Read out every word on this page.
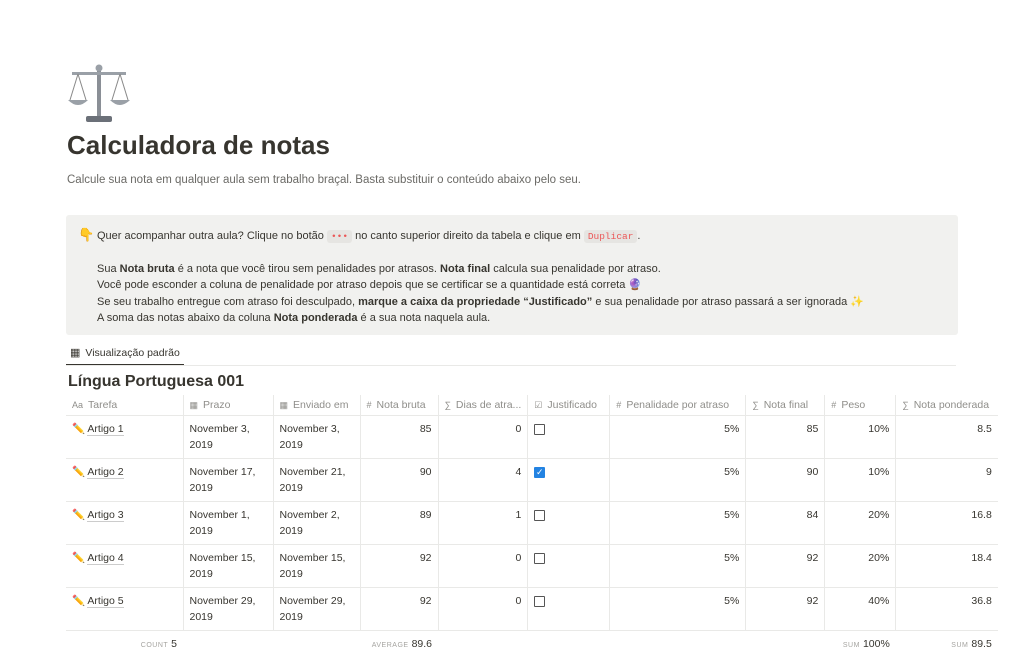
Calculadora de notas
Calcule sua nota em qualquer aula sem trabalho braçal. Basta substituir o conteúdo abaixo pelo seu.
👇 Quer acompanhar outra aula? Clique no botão ••• no canto superior direito da tabela e clique em Duplicar .
Sua Nota bruta é a nota que você tirou sem penalidades por atrasos. Nota final calcula sua penalidade por atraso.
Você pode esconder a coluna de penalidade por atraso depois que se certificar se a quantidade está correta 🔮
Se seu trabalho entregue com atraso foi desculpado, marque a caixa da propriedade “Justificado” e sua penalidade por atraso passará a ser ignorada ✨
A soma das notas abaixo da coluna Nota ponderada é a sua nota naquela aula.
▦ Visualização padrão
Língua Portuguesa 001
Aa Tarefa	▦ Prazo	▦ Enviado em	# Nota bruta	∑ Dias de atra...	☑ Justificado	# Penalidade por atraso	∑ Nota final	# Peso	∑ Nota ponderada
✏️ Artigo 1	November 3, 2019	November 3, 2019	85	0		5%	85	10%	8.5
✏️ Artigo 2	November 17, 2019	November 21, 2019	90	4	✓	5%	90	10%	9
✏️ Artigo 3	November 1, 2019	November 2, 2019	89	1		5%	84	20%	16.8
✏️ Artigo 4	November 15, 2019	November 15, 2019	92	0		5%	92	20%	18.4
✏️ Artigo 5	November 29, 2019	November 29, 2019	92	0		5%	92	40%	36.8
COUNT 5			AVERAGE 89.6					SUM 100%	SUM 89.5
